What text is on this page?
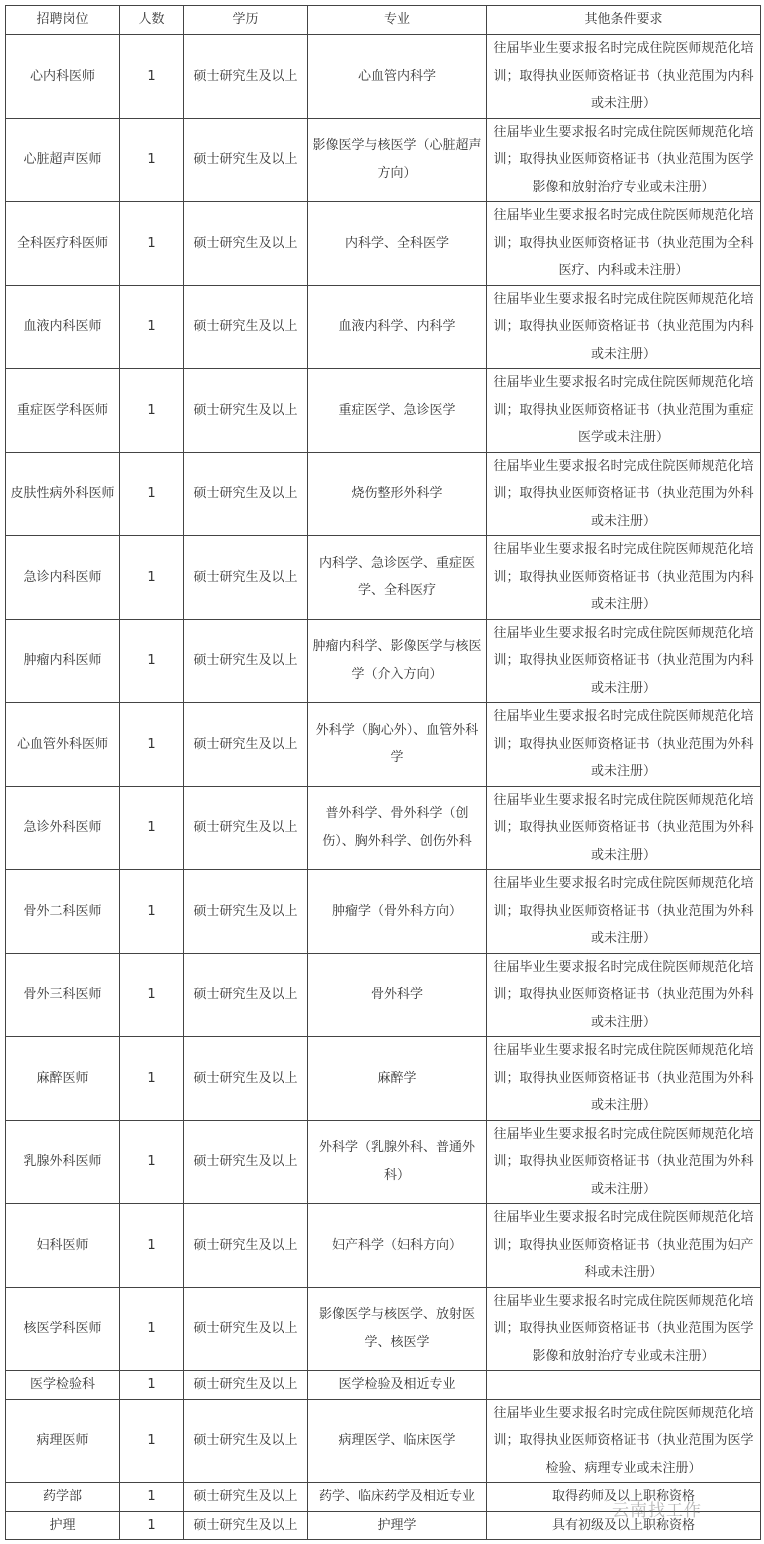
招聘岗位	人数	学历	专业	其他条件要求
心内科医师	1	硕士研究生及以上	心血管内科学	往届毕业生要求报名时完成住院医师规范化培训；取得执业医师资格证书（执业范围为内科或未注册）
心脏超声医师	1	硕士研究生及以上	影像医学与核医学（心脏超声方向）	往届毕业生要求报名时完成住院医师规范化培训；取得执业医师资格证书（执业范围为医学影像和放射治疗专业或未注册）
全科医疗科医师	1	硕士研究生及以上	内科学、全科医学	往届毕业生要求报名时完成住院医师规范化培训；取得执业医师资格证书（执业范围为全科医疗、内科或未注册）
血液内科医师	1	硕士研究生及以上	血液内科学、内科学	往届毕业生要求报名时完成住院医师规范化培训；取得执业医师资格证书（执业范围为内科或未注册）
重症医学科医师	1	硕士研究生及以上	重症医学、急诊医学	往届毕业生要求报名时完成住院医师规范化培训；取得执业医师资格证书（执业范围为重症医学或未注册）
皮肤性病外科医师	1	硕士研究生及以上	烧伤整形外科学	往届毕业生要求报名时完成住院医师规范化培训；取得执业医师资格证书（执业范围为外科或未注册）
急诊内科医师	1	硕士研究生及以上	内科学、急诊医学、重症医学、全科医疗	往届毕业生要求报名时完成住院医师规范化培训；取得执业医师资格证书（执业范围为内科或未注册）
肿瘤内科医师	1	硕士研究生及以上	肿瘤内科学、影像医学与核医学（介入方向）	往届毕业生要求报名时完成住院医师规范化培训；取得执业医师资格证书（执业范围为内科或未注册）
心血管外科医师	1	硕士研究生及以上	外科学（胸心外）、血管外科学	往届毕业生要求报名时完成住院医师规范化培训；取得执业医师资格证书（执业范围为外科或未注册）
急诊外科医师	1	硕士研究生及以上	普外科学、骨外科学（创伤）、胸外科学、创伤外科	往届毕业生要求报名时完成住院医师规范化培训；取得执业医师资格证书（执业范围为外科或未注册）
骨外二科医师	1	硕士研究生及以上	肿瘤学（骨外科方向）	往届毕业生要求报名时完成住院医师规范化培训；取得执业医师资格证书（执业范围为外科或未注册）
骨外三科医师	1	硕士研究生及以上	骨外科学	往届毕业生要求报名时完成住院医师规范化培训；取得执业医师资格证书（执业范围为外科或未注册）
麻醉医师	1	硕士研究生及以上	麻醉学	往届毕业生要求报名时完成住院医师规范化培训；取得执业医师资格证书（执业范围为外科或未注册）
乳腺外科医师	1	硕士研究生及以上	外科学（乳腺外科、普通外科）	往届毕业生要求报名时完成住院医师规范化培训；取得执业医师资格证书（执业范围为外科或未注册）
妇科医师	1	硕士研究生及以上	妇产科学（妇科方向）	往届毕业生要求报名时完成住院医师规范化培训；取得执业医师资格证书（执业范围为妇产科或未注册）
核医学科医师	1	硕士研究生及以上	影像医学与核医学、放射医学、核医学	往届毕业生要求报名时完成住院医师规范化培训；取得执业医师资格证书（执业范围为医学影像和放射治疗专业或未注册）
医学检验科	1	硕士研究生及以上	医学检验及相近专业	
病理医师	1	硕士研究生及以上	病理医学、临床医学	往届毕业生要求报名时完成住院医师规范化培训；取得执业医师资格证书（执业范围为医学检验、病理专业或未注册）
药学部	1	硕士研究生及以上	药学、临床药学及相近专业	取得药师及以上职称资格
护理	1	硕士研究生及以上	护理学	具有初级及以上职称资格
云南找工作
